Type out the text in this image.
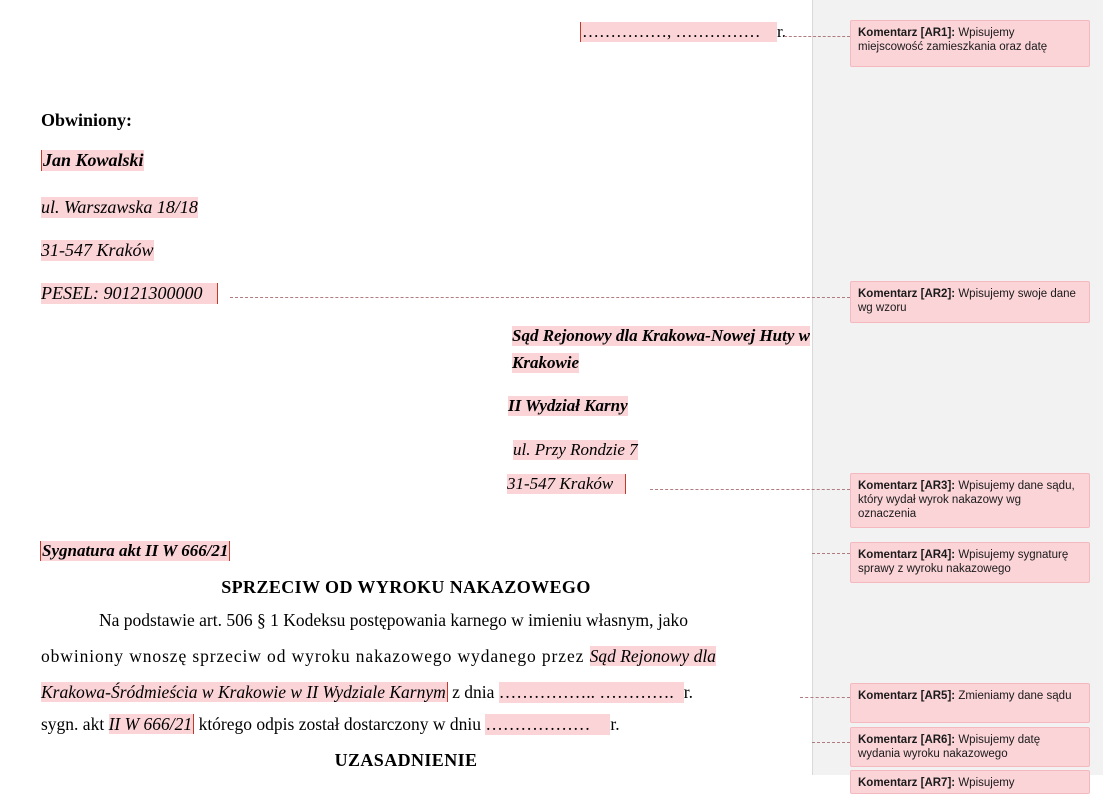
……………, …………… r.
Obwiniony:
Jan Kowalski
ul. Warszawska 18/18
31-547 Kraków
PESEL: 90121300000
Sąd Rejonowy dla Krakowa-Nowej Huty w
Krakowie
II Wydział Karny
ul. Przy Rondzie 7
31-547 Kraków
Sygnatura akt II W 666/21
SPRZECIW OD WYROKU NAKAZOWEGO
Na podstawie art. 506 § 1 Kodeksu postępowania karnego w imieniu własnym, jako
obwiniony wnoszę sprzeciw od wyroku nakazowego wydanego przez Sąd Rejonowy dla
Krakowa-Śródmieścia w Krakowie w II Wydziale Karnym z dnia …………….. …………. r.
sygn. akt II W 666/21 którego odpis został dostarczony w dniu ……………… r.
UZASADNIENIE
Komentarz [AR1]: Wpisujemy miejscowość zamieszkania oraz datę
Komentarz [AR2]: Wpisujemy swoje dane wg wzoru
Komentarz [AR3]: Wpisujemy dane sądu, który wydał wyrok nakazowy wg oznaczenia
Komentarz [AR4]: Wpisujemy sygnaturę sprawy z wyroku nakazowego
Komentarz [AR5]: Zmieniamy dane sądu
Komentarz [AR6]: Wpisujemy datę wydania wyroku nakazowego
Komentarz [AR7]: Wpisujemy
